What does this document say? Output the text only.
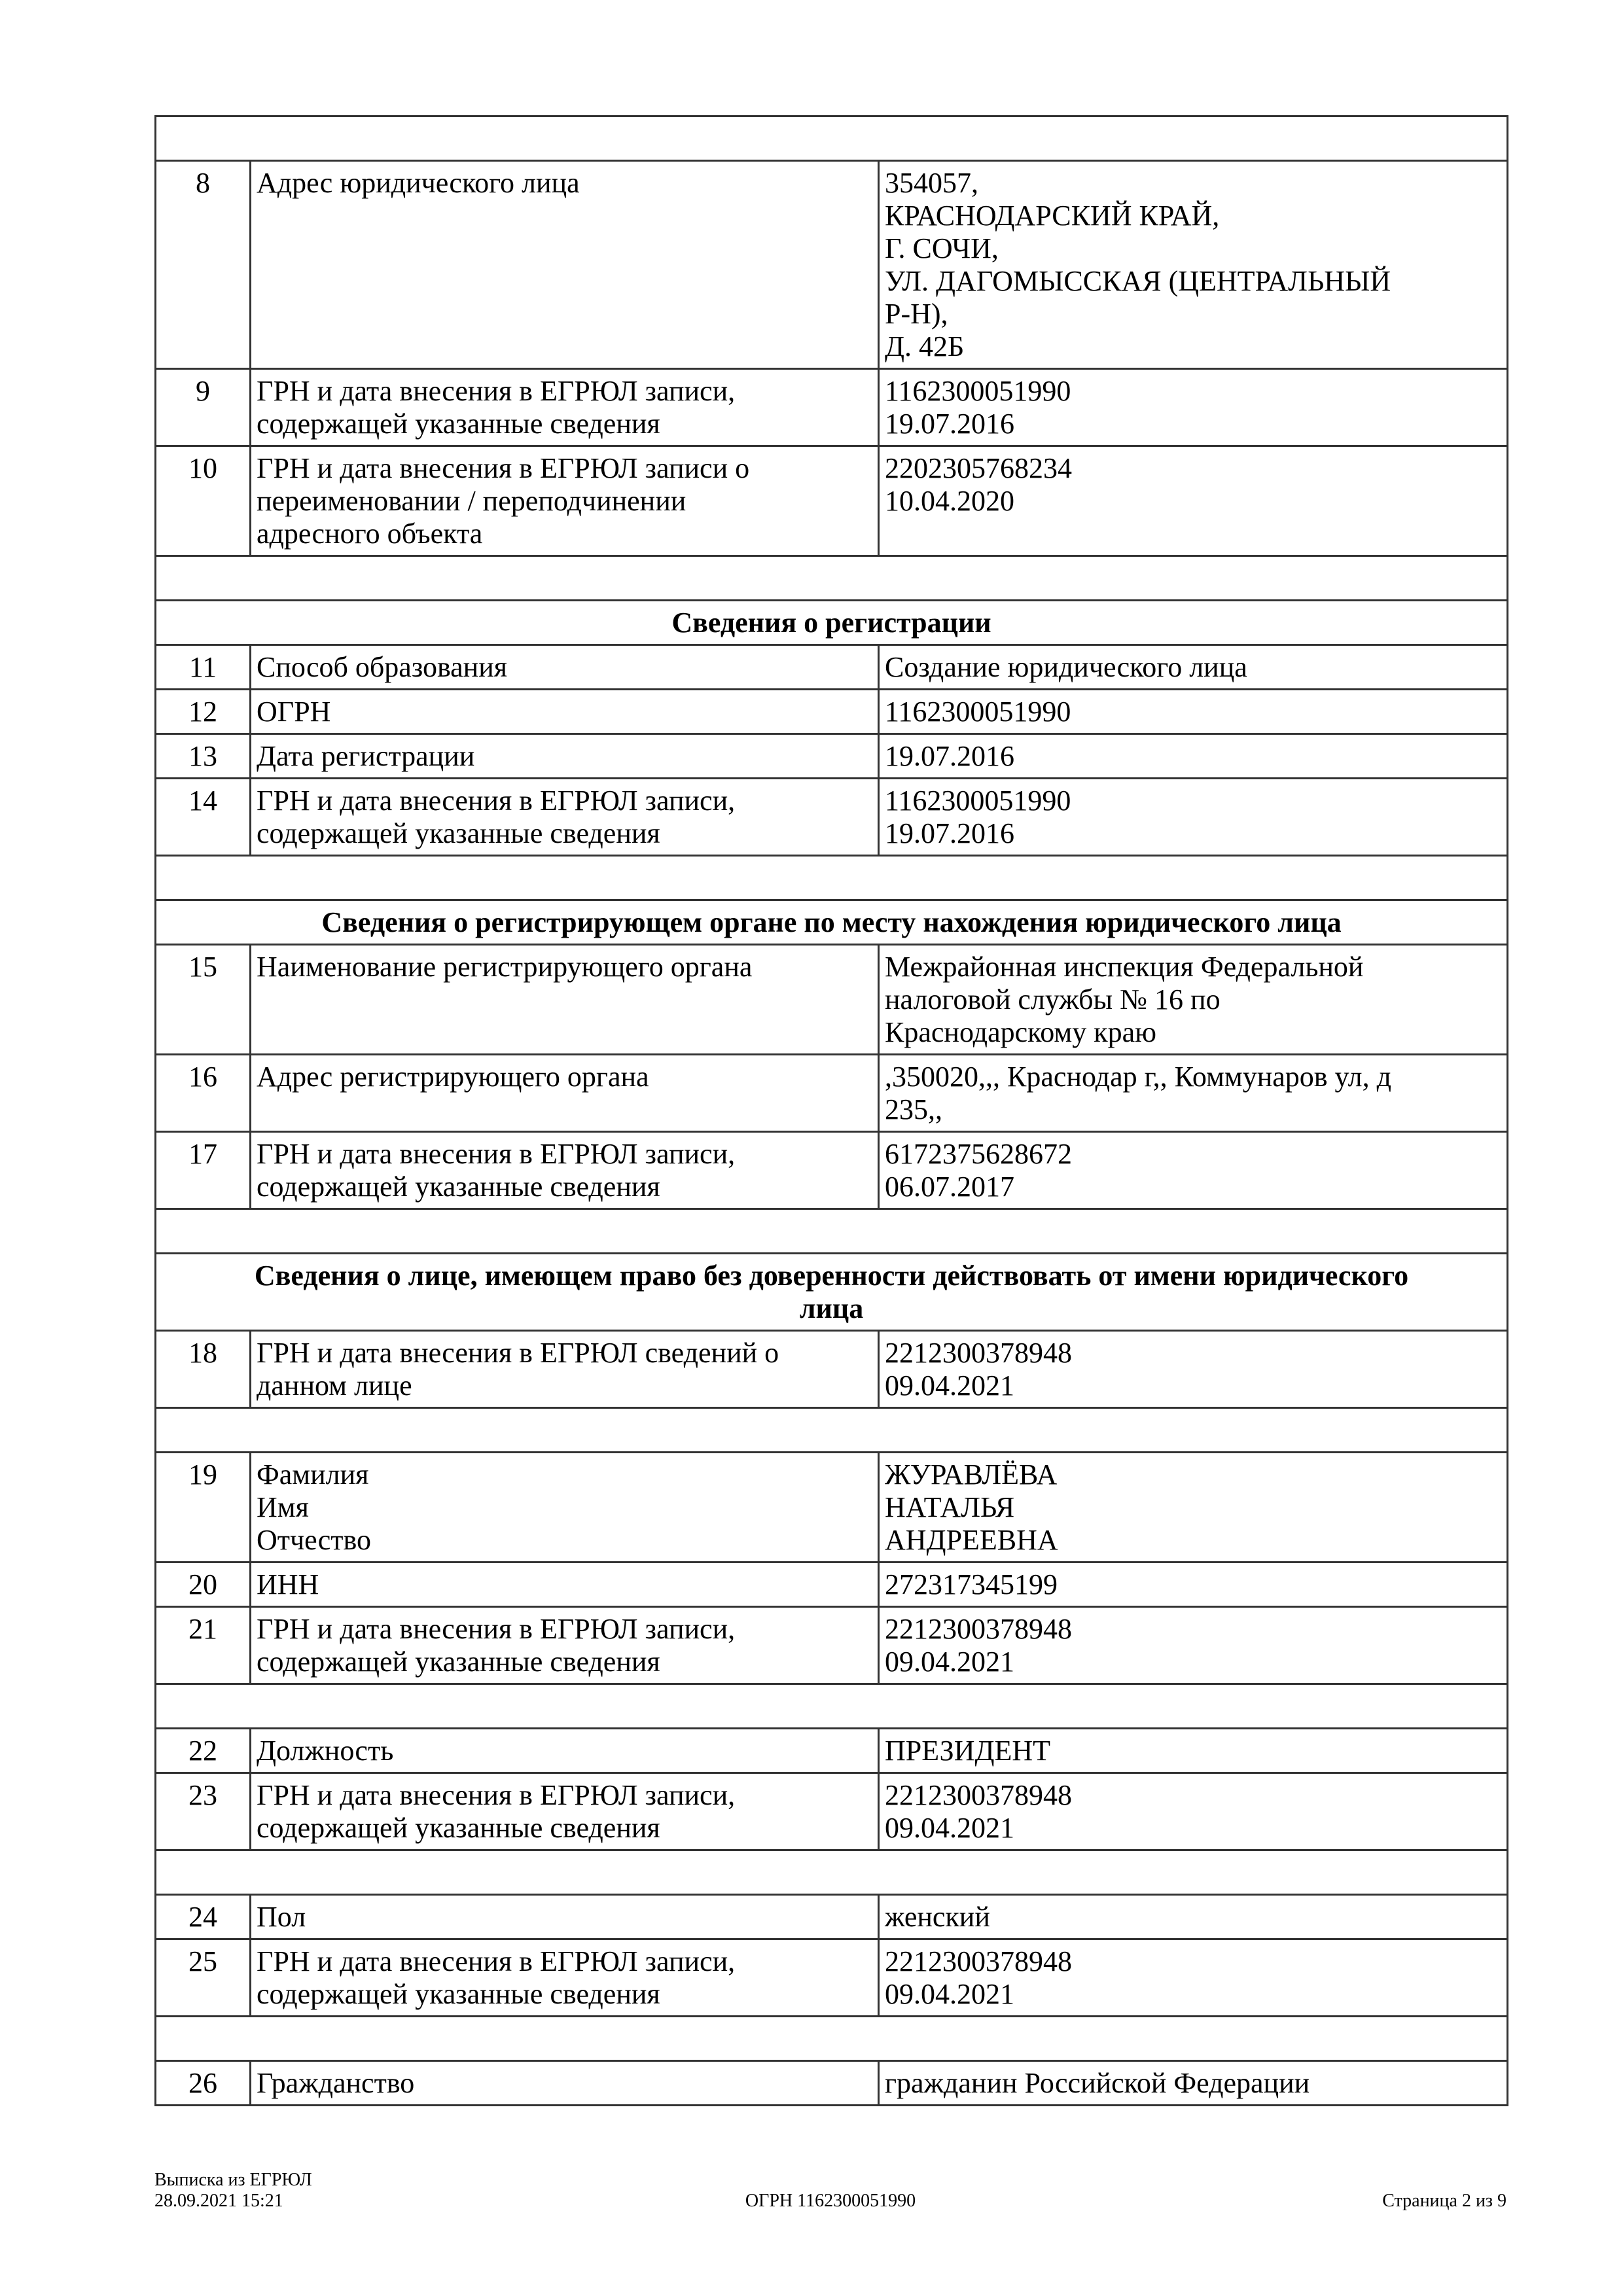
8	Адрес юридического лица	354057,
КРАСНОДАРСКИЙ КРАЙ,
Г. СОЧИ,
УЛ. ДАГОМЫССКАЯ (ЦЕНТРАЛЬНЫЙ
Р-Н),
Д. 42Б

9	ГРН и дата внесения в ЕГРЮЛ записи,
содержащей указанные сведения	1162300051990
19.07.2016

10	ГРН и дата внесения в ЕГРЮЛ записи о
переименовании / переподчинении
адресного объекта	2202305768234
10.04.2020

Сведения о регистрации		
11	Способ образования	Создание юридического лица

12	ОГРН	1162300051990

13	Дата регистрации	19.07.2016

14	ГРН и дата внесения в ЕГРЮЛ записи,
содержащей указанные сведения	1162300051990
19.07.2016

Сведения о регистрирующем органе по месту нахождения юридического лица		
15	Наименование регистрирующего органа	Межрайонная инспекция Федеральной
налоговой службы № 16 по
Краснодарскому краю

16	Адрес регистрирующего органа	,350020,,, Краснодар г,, Коммунаров ул, д
235,,

17	ГРН и дата внесения в ЕГРЮЛ записи,
содержащей указанные сведения	6172375628672
06.07.2017

Сведения о лице, имеющем право без доверенности действовать от имени юридического
лица		

18	ГРН и дата внесения в ЕГРЮЛ сведений о
данном лице	2212300378948
09.04.2021

19	Фамилия
Имя
Отчество	ЖУРАВЛЁВА
НАТАЛЬЯ
АНДРЕЕВНА

20	ИНН	272317345199

21	ГРН и дата внесения в ЕГРЮЛ записи,
содержащей указанные сведения	2212300378948
09.04.2021

22	Должность	ПРЕЗИДЕНТ

23	ГРН и дата внесения в ЕГРЮЛ записи,
содержащей указанные сведения	2212300378948
09.04.2021

24	Пол	женский

25	ГРН и дата внесения в ЕГРЮЛ записи,
содержащей указанные сведения	2212300378948
09.04.2021

26	Гражданство	гражданин Российской Федерации
Выписка из ЕГРЮЛ
28.09.2021 15:21	ОГРН 1162300051990	Страница 2 из 9
